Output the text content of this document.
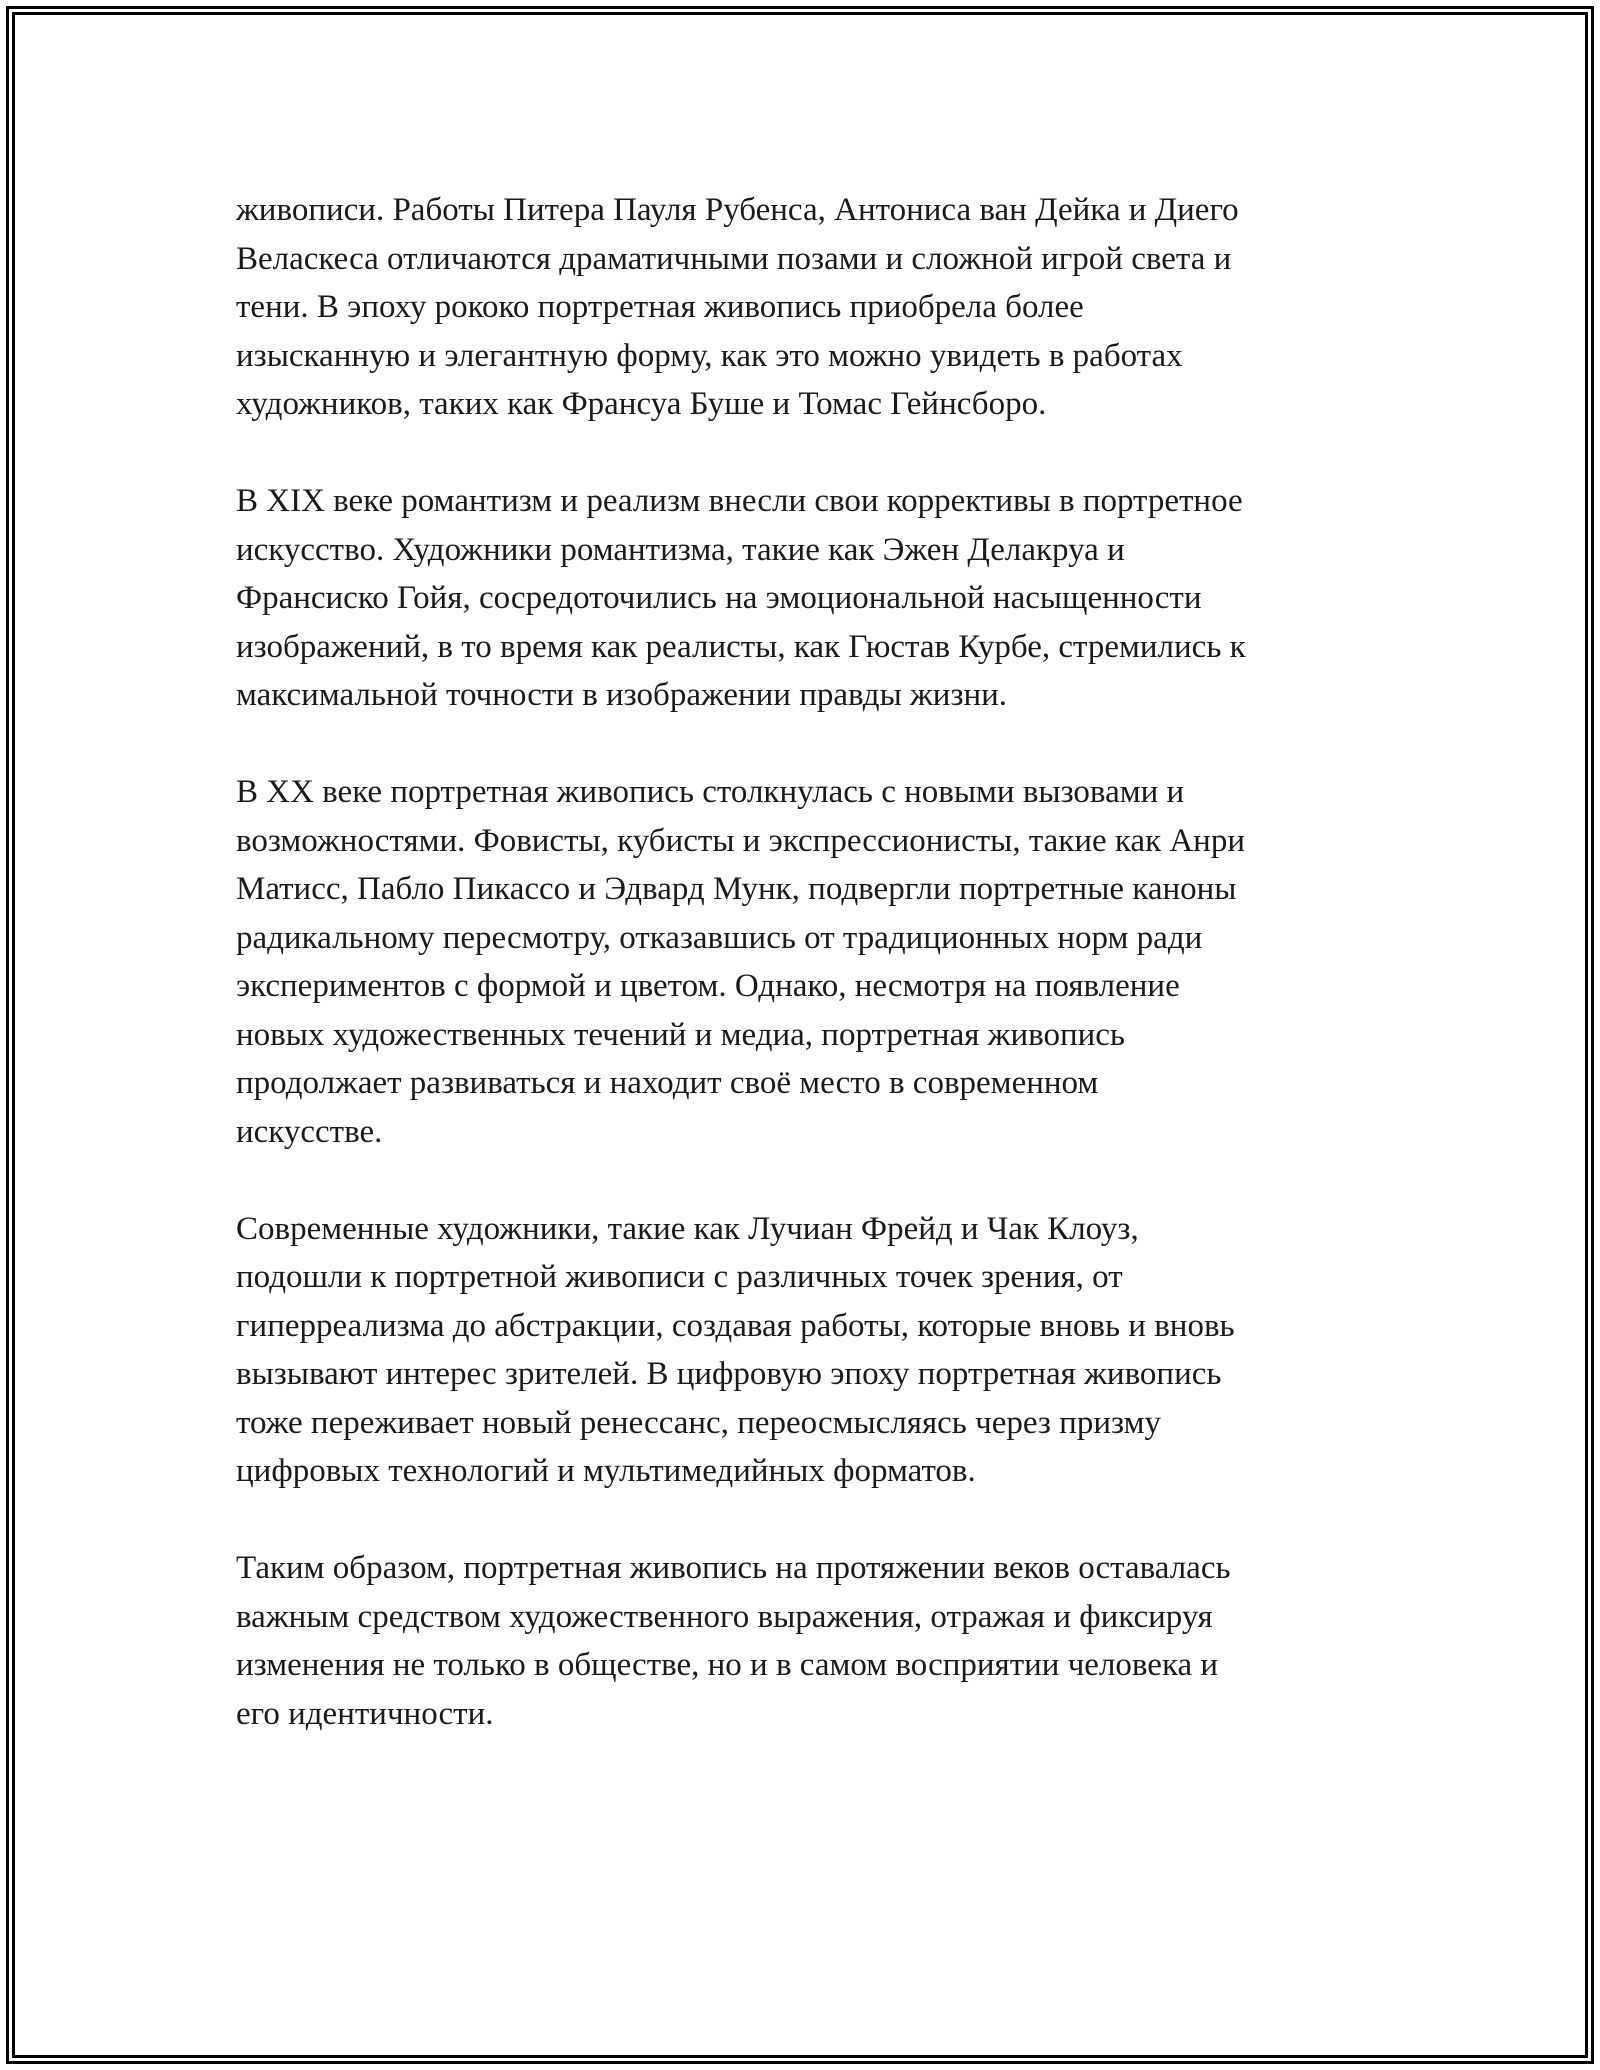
живописи. Работы Питера Пауля Рубенса, Антониса ван Дейка и Диего
Веласкеса отличаются драматичными позами и сложной игрой света и
тени. В эпоху рококо портретная живопись приобрела более
изысканную и элегантную форму, как это можно увидеть в работах
художников, таких как Франсуа Буше и Томас Гейнсборо.

В XIX веке романтизм и реализм внесли свои коррективы в портретное
искусство. Художники романтизма, такие как Эжен Делакруа и
Франсиско Гойя, сосредоточились на эмоциональной насыщенности
изображений, в то время как реалисты, как Гюстав Курбе, стремились к
максимальной точности в изображении правды жизни.

В XX веке портретная живопись столкнулась с новыми вызовами и
возможностями. Фовисты, кубисты и экспрессионисты, такие как Анри
Матисс, Пабло Пикассо и Эдвард Мунк, подвергли портретные каноны
радикальному пересмотру, отказавшись от традиционных норм ради
экспериментов с формой и цветом. Однако, несмотря на появление
новых художественных течений и медиа, портретная живопись
продолжает развиваться и находит своё место в современном
искусстве.

Современные художники, такие как Лучиан Фрейд и Чак Клоуз,
подошли к портретной живописи с различных точек зрения, от
гиперреализма до абстракции, создавая работы, которые вновь и вновь
вызывают интерес зрителей. В цифровую эпоху портретная живопись
тоже переживает новый ренессанс, переосмысляясь через призму
цифровых технологий и мультимедийных форматов.

Таким образом, портретная живопись на протяжении веков оставалась
важным средством художественного выражения, отражая и фиксируя
изменения не только в обществе, но и в самом восприятии человека и
его идентичности.
